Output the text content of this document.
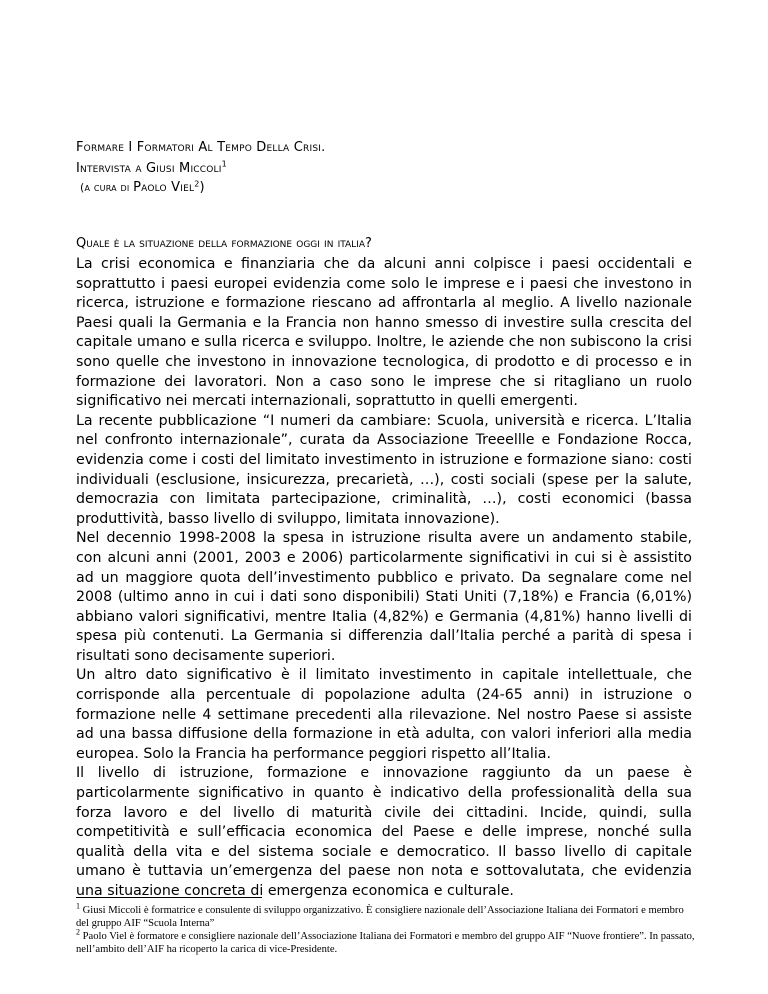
Formare I Formatori Al Tempo Della Crisi.
Intervista a Giusi Miccoli$^1$
(a cura di Paolo Viel$^2$)
Quale è la situazione della formazione oggi in italia?

La crisi economica e finanziaria che da alcuni anni colpisce i paesi occidentali e soprattutto i paesi europei evidenzia come solo le imprese e i paesi che investono in ricerca, istruzione e formazione riescano ad affrontarla al meglio. A livello nazionale Paesi quali la Germania e la Francia non hanno smesso di investire sulla crescita del capitale umano e sulla ricerca e sviluppo. Inoltre, le aziende che non subiscono la crisi sono quelle che investono in innovazione tecnologica, di prodotto e di processo e in formazione dei lavoratori. Non a caso sono le imprese che si ritagliano un ruolo significativo nei mercati internazionali, soprattutto in quelli emergenti.

La recente pubblicazione “I numeri da cambiare: Scuola, università e ricerca. L’Italia nel confronto internazionale”, curata da Associazione Treeellle e Fondazione Rocca, evidenzia come i costi del limitato investimento in istruzione e formazione siano: costi individuali (esclusione, insicurezza, precarietà, …), costi sociali (spese per la salute, democrazia con limitata partecipazione, criminalità, …), costi economici (bassa produttività, basso livello di sviluppo, limitata innovazione).

Nel decennio 1998-2008 la spesa in istruzione risulta avere un andamento stabile, con alcuni anni (2001, 2003 e 2006) particolarmente significativi in cui si è assistito ad un maggiore quota dell’investimento pubblico e privato. Da segnalare come nel 2008 (ultimo anno in cui i dati sono disponibili) Stati Uniti (7,18%) e Francia (6,01%) abbiano valori significativi, mentre Italia (4,82%) e Germania (4,81%) hanno livelli di spesa più contenuti. La Germania si differenzia dall’Italia perché a parità di spesa i risultati sono decisamente superiori.

Un altro dato significativo è il limitato investimento in capitale intellettuale, che corrisponde alla percentuale di popolazione adulta (24-65 anni) in istruzione o formazione nelle 4 settimane precedenti alla rilevazione. Nel nostro Paese si assiste ad una bassa diffusione della formazione in età adulta, con valori inferiori alla media europea. Solo la Francia ha performance peggiori rispetto all’Italia.

Il livello di istruzione, formazione e innovazione raggiunto da un paese è particolarmente significativo in quanto è indicativo della professionalità della sua forza lavoro e del livello di maturità civile dei cittadini. Incide, quindi, sulla competitività e sull’efficacia economica del Paese e delle imprese, nonché sulla qualità della vita e del sistema sociale e democratico. Il basso livello di capitale umano è tuttavia un’emergenza del paese non nota e sottovalutata, che evidenzia una situazione concreta di emergenza economica e culturale.

$^1$ Giusi Miccoli è formatrice e consulente di sviluppo organizzativo. È consigliere nazionale dell’Associazione Italiana dei Formatori e membro del gruppo AIF “Scuola Interna”

$^2$ Paolo Viel è formatore e consigliere nazionale dell’Associazione Italiana dei Formatori e membro del gruppo AIF “Nuove frontiere”. In passato, nell’ambito dell’AIF ha ricoperto la carica di vice-Presidente.
